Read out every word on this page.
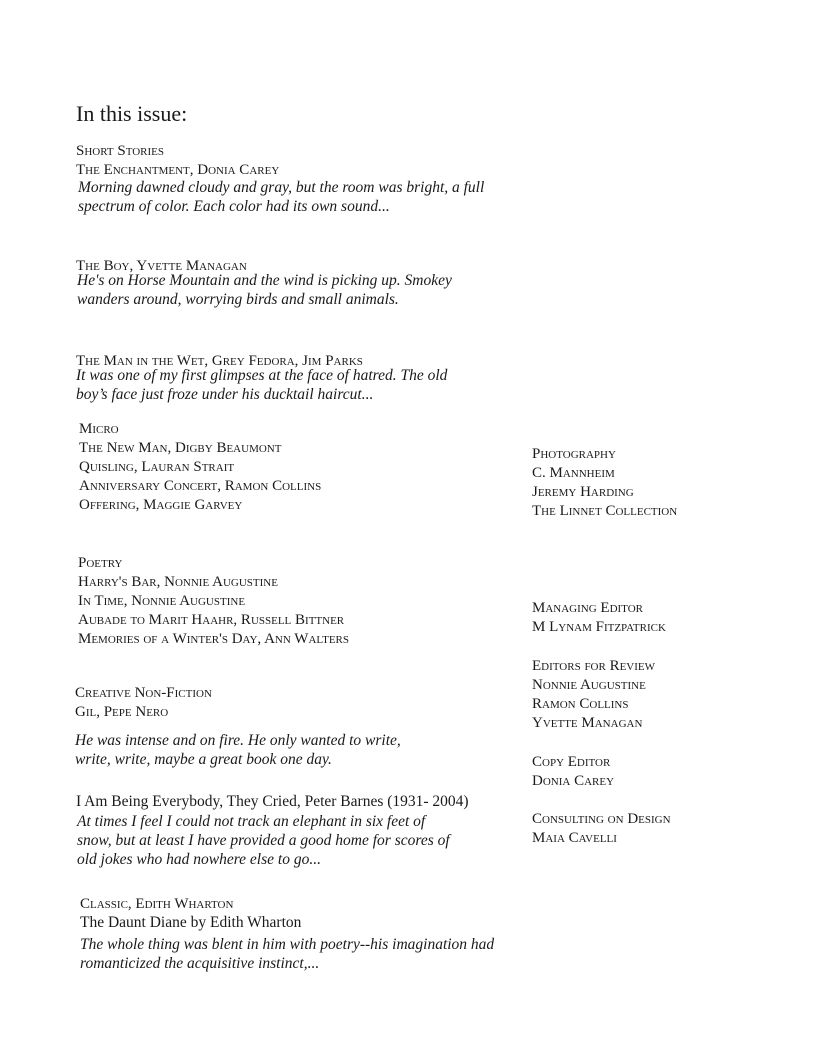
In this issue:
Short Stories
The Enchantment, Donia Carey
Morning dawned cloudy and gray, but the room was bright, a full
spectrum of color. Each color had its own sound...
The Boy, Yvette Managan
He's on Horse Mountain and the wind is picking up. Smokey
wanders around, worrying birds and small animals.
The Man in the Wet, Grey Fedora, Jim Parks
It was one of my first glimpses at the face of hatred. The old
boy’s face just froze under his ducktail haircut...
Micro
The New Man, Digby Beaumont
Quisling, Lauran Strait
Anniversary Concert, Ramon Collins
Offering, Maggie Garvey
Poetry
Harry's Bar, Nonnie Augustine
In Time, Nonnie Augustine
Aubade to Marit Haahr, Russell Bittner
Memories of a Winter's Day, Ann Walters
Creative Non-Fiction
Gil, Pepe Nero
He was intense and on fire. He only wanted to write,
write, write, maybe a great book one day.
I Am Being Everybody, They Cried, Peter Barnes (1931- 2004)
At times I feel I could not track an elephant in six feet of
snow, but at least I have provided a good home for scores of
old jokes who had nowhere else to go...
Classic, Edith Wharton
The Daunt Diane by Edith Wharton
The whole thing was blent in him with poetry--his imagination had
romanticized the acquisitive instinct,...
Photography
C. Mannheim
Jeremy Harding
The Linnet Collection
Managing Editor
M Lynam Fitzpatrick
Editors for Review
Nonnie Augustine
Ramon Collins
Yvette Managan
Copy Editor
Donia Carey
Consulting on Design
Maia Cavelli
